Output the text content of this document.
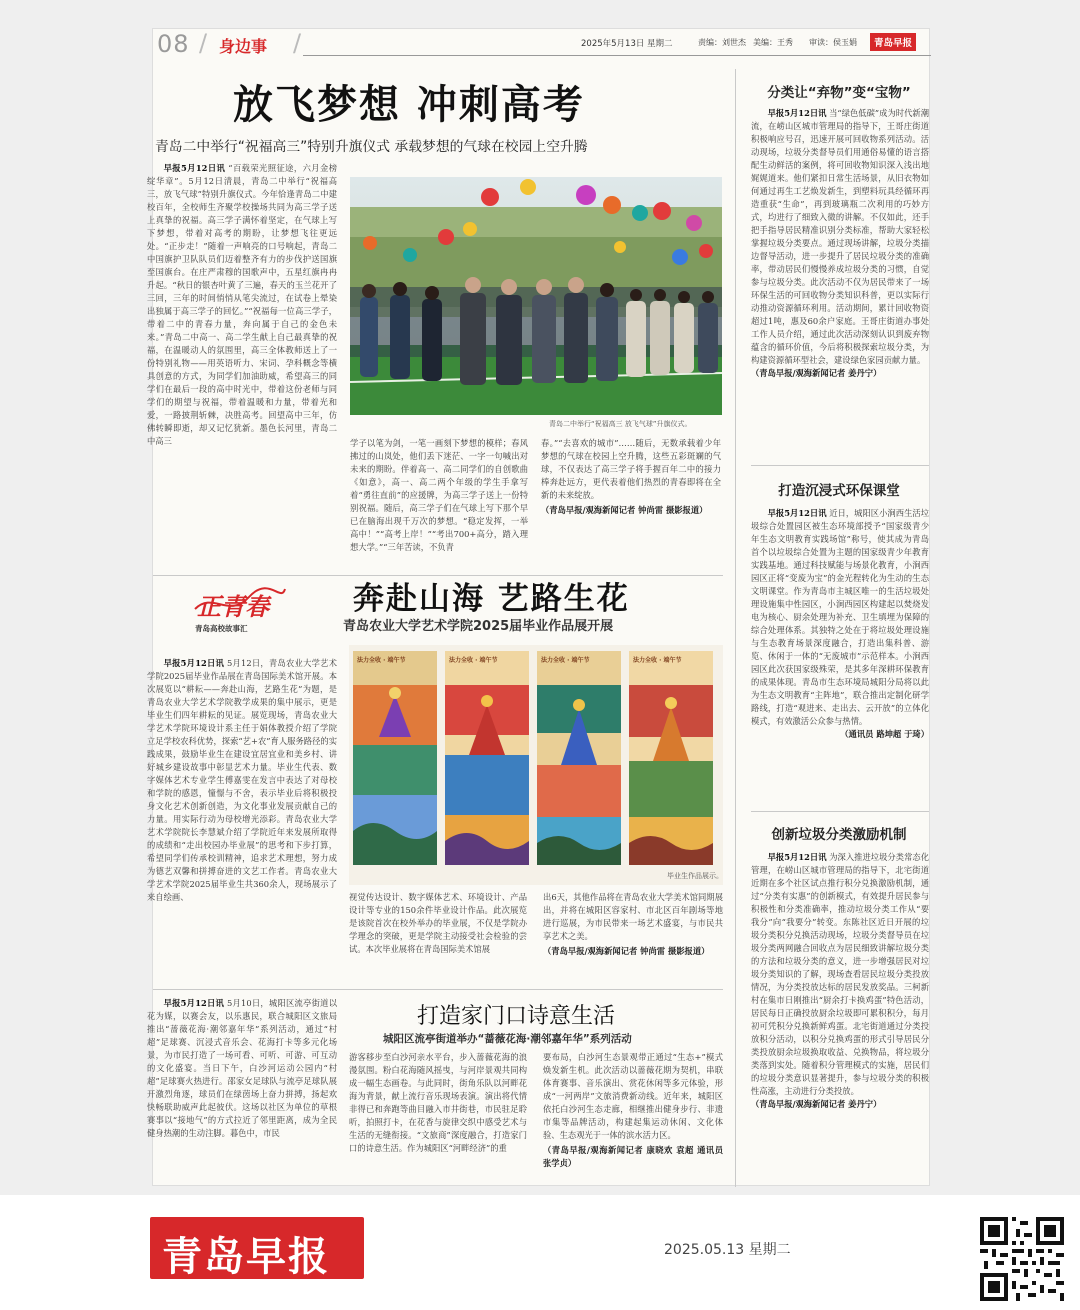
08 / 身边事 /	2025年5月13日 星期二	责编：刘世杰 美编：王秀 审读：侯玉娟	青岛早报
放飞梦想 冲刺高考
青岛二中举行“祝福高三”特别升旗仪式 承载梦想的气球在校园上空升腾

早报5月12日讯 “百载荣光照征途，六月金榜绽华章”。5月12日清晨，青岛二中举行“祝福高三，放飞气球”特别升旗仪式。今年恰逢青岛二中建校百年，全校师生齐聚学校操场共同为高三学子送上真挚的祝福。高三学子满怀着坚定，在气球上写下梦想，带着对高考的期盼，让梦想飞往更远处。“正步走！”随着一声响亮的口号响起，青岛二中国旗护卫队队员们迈着整齐有力的步伐护送国旗至国旗台。在庄严肃穆的国歌声中，五星红旗冉冉升起。“秋日的银杏叶黄了三遍，春天的玉兰花开了三回，三年的时间悄悄从笔尖流过，在试卷上晕染出独属于高三学子的回忆。”“祝福每一位高三学子，带着二中的青春力量，奔向属于自己的金色未来。”青岛二中高一、高二学生献上自己最真挚的祝福，在温暖动人的氛围里，高三全体教师送上了一份特别礼物——用英语听力、宋词、孕科概念等横具创意的方式，为同学们加油助威，希望高三的同学们在最后一段的高中时光中，带着这份老师与同学们的期望与祝福，带着温暖和力量，带着光和爱，一路披荆斩棘，决胜高考。回望高中三年，仿佛转瞬即逝，却又记忆犹新。墨色长河里，青岛二中高三

青岛二中举行“祝福高三 放飞气球”升旗仪式。
学子以笔为剑，一笔一画刻下梦想的模样；春风拂过的山岚处，他们丢下迷茫、一字一句喊出对未来的期盼。伴着高一、高二同学们的自创歌曲《如意》，高一、高二两个年级的学生手拿写着“勇往直前”的应援牌，为高三学子送上一份特别祝福。随后，高三学子们在气球上写下那个早已在脑海出现千万次的梦想。“稳定发挥，一举高中！”“高考上岸！”“考出700+高分，踏入理想大学。”“三年苦读，不负青
春。”“去喜欢的城市”……随后，无数承载着少年梦想的气球在校园上空升腾，这些五彩斑斓的气球，不仅表达了高三学子将手握百年二中的接力棒奔赴远方，更代表着他们热烈的青春即将在全新的未来绽放。
（青岛早报/观海新闻记者 钟尚雷 摄影报道）
正青春
青岛高校故事汇
奔赴山海 艺路生花
青岛农业大学艺术学院2025届毕业作品展开展

早报5月12日讯 5月12日，青岛农业大学艺术学院2025届毕业作品展在青岛国际美术馆开展。本次展览以“耕耘——奔赴山海，艺路生花”为题，是青岛农业大学艺术学院教学成果的集中展示，更是毕业生们四年耕耘的见证。展览现场，青岛农业大学艺术学院环境设计系主任于娟体教授介绍了学院立足学校农科优势，探索“艺+农”育人服务路径的实践成果，鼓励毕业生在建设宜居宜业和美乡村、讲好城乡建设故事中彰显艺术力量。毕业生代表、数字媒体艺术专业学生傅嘉雯在发言中表达了对母校和学院的感恩，憧憬与不舍，表示毕业后将积极投身文化艺术创新创造，为文化事业发展贡献自己的力量。用实际行动为母校增光添彩。青岛农业大学艺术学院院长李慧斌介绍了学院近年来发展所取得的成绩和“走出校园办毕业展”的思考和下步打算，希望同学们传承校训精神，追求艺术理想，努力成为德艺双馨和拼搏奋进的文艺工作者。青岛农业大学艺术学院2025届毕业生共360余人，现场展示了来自绘画、

法力全收 · 端午节	法力全收 · 端午节	法力全收 · 端午节	法力全收 · 端午节
毕业生作品展示。
视觉传达设计、数字媒体艺术、环境设计、产品设计等专业的150余件毕业设计作品。此次展览是该院首次在校外举办的毕业展，不仅是学院办学理念的突破，更是学院主动接受社会检验的尝试。本次毕业展将在青岛国际美术馆展
出6天，其他作品将在青岛农业大学美术馆同期展出，并将在城阳区容家村、市北区百年剧场等地进行巡展，为市民带来一场艺术盛宴，与市民共享艺术之美。
（青岛早报/观海新闻记者 钟尚雷 摄影报道）

早报5月12日讯 5月10日，城阳区流亭街道以花为媒，以赛会友，以乐惠民，联合城阳区文旅局推出“蔷薇花海·潮邻嘉年华”系列活动，通过“村超”足球赛、沉浸式音乐会、花海打卡等多元化场景，为市民打造了一场可看、可听、可游、可互动的文化盛宴。当日下午，白沙河运动公园内“村超”足球赛火热进行。邵家女足球队与流亭足球队展开激烈角逐，球员们在绿茵场上奋力拼搏，扬起欢快畅联助威声此起彼伏。这场以社区为单位的草根赛事以“接地气”的方式拉近了邻里距离，成为全民健身热潮的生动注脚。暮色中，市民

打造家门口诗意生活
城阳区流亭街道举办“蔷薇花海·潮邻嘉年华”系列活动
游客移步至白沙河亲水平台，步入蔷薇花海的浪漫氛围。粉白花海随风摇曳，与河岸景观共同构成一幅生态画卷。与此同时，街角乐队以河畔花海为背景，献上流行音乐现场表演。演出将代情非得已和奔跑等曲目融入市井街巷，市民驻足聆听，拍照打卡，在花香与旋律交织中感受艺术与生活的无缝衔接。“文旅商”深度融合，打造家门口的诗意生活。作为城阳区“河畔经济”的重
要布局，白沙河生态景观带正通过“生态+”模式焕发新生机。此次活动以蔷薇花期为契机，串联体育赛事、音乐演出、赏花休闲等多元体验，形成“一河两岸”文旅消费新动线。近年来，城阳区依托白沙河生态走廊，相继推出健身步行、非遗市集等品牌活动，构建起集运动休闲、文化体验、生态观光于一体的滨水活力区。
（青岛早报/观海新闻记者 康晓欢 袁超 通讯员 张学贞）
分类让“弃物”变“宝物”

早报5月12日讯 当“绿色低碳”成为时代新潮流，在崂山区城市管理局的指导下，王哥庄街道积极响应号召，迅速开展可回收物系列活动。活动现场，垃圾分类督导员们用通俗易懂的语言搭配生动鲜活的案例，将可回收物知识深入浅出地娓娓道来。他们紧扣日常生活场景，从旧衣物如何通过再生工艺焕发新生，到塑料玩具经循环再造重获“生命”，再到玻璃瓶二次利用的巧妙方式，均进行了细致入微的讲解。不仅如此，还手把手指导居民精准识别分类标准，帮助大家轻松掌握垃圾分类要点。通过现场讲解，垃圾分类描边督导活动，进一步提升了居民垃圾分类的准确率，带动居民们慢慢养成垃圾分类的习惯，自觉参与垃圾分类。此次活动不仅为居民带来了一场环保生活的可回收物分类知识科普，更以实际行动推动资源循环利用。活动期间，累计回收物资超过1吨，惠及60余户家庭。王哥庄街道办事处工作人员介绍，通过此次活动深刻认识到废弃物蕴含的循环价值，今后将积极探索垃圾分类，为构建资源循环型社会，建设绿色家园贡献力量。

（青岛早报/观海新闻记者 姜丹宁）
打造沉浸式环保课堂

早报5月12日讯 近日，城阳区小涧西生活垃圾综合处置园区被生态环境部授予“国家级青少年生态文明教育实践场馆”称号，使其成为青岛首个以垃圾综合处置为主题的国家级青少年教育实践基地。通过科技赋能与场景化教育，小涧西园区正将“变废为宝”的金光程转化为生动的生态文明课堂。作为青岛市主城区唯一的生活垃圾处理设施集中性园区，小涧西园区构建起以焚烧发电为核心、厨余处理为补充、卫生填埋为保障的综合处理体系。其独特之处在于将垃圾处理设施与生态教育场景深度融合，打造出集科普、游览、休闲于一体的“无废城市”示范样本。小涧西园区此次获国家级殊荣，是其多年深耕环保教育的成果体现。青岛市生态环境局城阳分局将以此为生态文明教育“主阵地”，联合推出定制化研学路线，打造“观进来、走出去、云开放”的立体化模式，有效激活公众参与热情。

（通讯员 路坤超 于琦）
创新垃圾分类激励机制

早报5月12日讯 为深入推进垃圾分类常态化管理，在崂山区城市管理局的指导下，北宅街道近期在多个社区试点推行积分兑换激励机制，通过“分类有实惠”的创新模式，有效提升居民参与积极性和分类准确率，推动垃圾分类工作从“要我分”向“我要分”转变。东陈社区近日开展的垃圾分类积分兑换活动现场，垃圾分类督导员在垃圾分类两网融合回收点为居民细致讲解垃圾分类的方法和垃圾分类的意义，进一步增强居民对垃圾分类知识的了解，现场查看居民垃圾分类投放情况，为分类投放达标的居民发放奖品。三柯新村在集市日刚推出“厨余打卡换鸡蛋”特色活动，居民每日正确投放厨余垃圾即可累积积分，每月初可凭积分兑换新鲜鸡蛋。北宅街道通过分类投放积分活动，以积分兑换鸡蛋的形式引导居民分类投放厨余垃圾换取收益、兑换物品，将垃圾分类落到实处。随着积分管理模式的实施，居民们的垃圾分类意识显著提升，参与垃圾分类的积极性高涨，主动进行分类投放。

（青岛早报/观海新闻记者 姜丹宁）
青岛早报	2025.05.13 星期二
